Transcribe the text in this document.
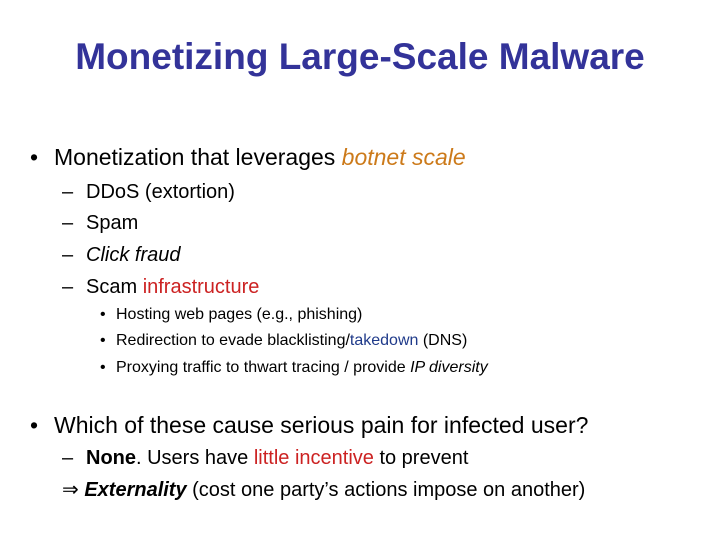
Monetizing Large-Scale Malware
• Monetization that leverages botnet scale
– DDoS (extortion)
– Spam
– Click fraud
– Scam infrastructure
• Hosting web pages (e.g., phishing)
• Redirection to evade blacklisting/takedown (DNS)
• Proxying traffic to thwart tracing / provide IP diversity
• Which of these cause serious pain for infected user?
– None. Users have little incentive to prevent
⇒ Externality (cost one party’s actions impose on another)
